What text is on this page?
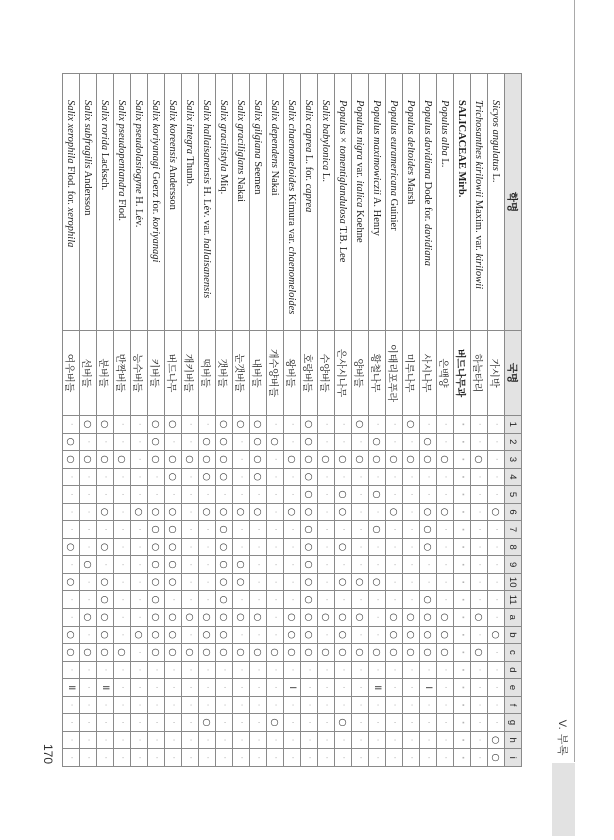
V. 부록
170
학명	국명	1	2	3	4	5	6	7	8	9	10	11	a	b	c	d	e	f	g	h	i
Sicyos angulatus L.	가시박	·	·	·	·	·	○	·	·	·	·	·	·	○	·	·	·	·	·	○	○
Trichosanthes kirilowii Maxim. var. kirilowii	하늘타리	·	·	○	·	·	·	·	·	·	·	·	○	·	○	·	·	·	·	·	·
SALICACEAE Mirb.	버드나무과	·	·	·	·	·	·	·	·	·	·	·	·	·	·	·	·	·	·	·	·
Populus alba L.	은백양	·	·	○	·	·	○	·	·	·	·	·	○	○	○	·	·	·	·	·	·
Populus davidiana Dode for. davidiana	사시나무	·	○	○	·	·	○	○	○	·	·	○	○	○	○	·	I	·	·	·	·
Populus deltoides Marsh	미루나무	○	·	○	·	·	·	·	·	·	·	·	○	○	○	·	·	·	·	·	·
Populus euramericana Guinier	이태리포푸라	·	·	○	·	·	○	·	·	·	·	·	○	○	○	·	·	·	·	·	·
Populus maximowiczii A. Henry	황철나무	·	○	○	·	○	·	○	·	·	○	·	·	·	○	·	II	·	·	·	·
Populus nigra var. italica Koehne	양버들	○	·	○	·	·	·	·	·	·	○	·	○	·	○	·	·	·	·	·	·
Populus × tomentiglandulosa T.B. Lee	은사시나무	·	·	○	·	○	○	·	○	·	○	·	○	○	○	·	·	·	○	·	·
Salix babylonica L.	수양버들	·	·	○	·	·	·	·	·	·	·	·	○	·	○	·	·	·	·	·	·
Salix caprea L. for. caprea	호랑버들	○	○	○	○	○	○	○	○	○	○	○	○	○	○	·	·	·	·	·	·
Salix chaenomeloides Kimura var. chaenomeloides	왕버들	·	·	○	·	·	○	·	·	·	·	·	○	○	○	·	I	·	·	·	·
Salix dependens Nakai	개수양버들	·	○	·	·	·	·	·	·	·	·	·	·	·	○	·	·	·	○	·	·
Salix gilgiana Seemen	내버들	○	○	○	○	·	○	·	·	·	·	·	○	·	○	·	·	·	·	·	·
Salix graciliglans Nakai	눈갯버들	○	·	·	·	·	○	·	·	○	○	·	○	·	○	·	·	·	·	·	·
Salix gracilistyla Miq.	갯버들	○	○	○	○	·	○	○	○	○	○	○	○	○	○	·	·	·	·	·	·
Salix hallaisanensis H. Lév. var. hallaisanensis	떡버들	·	○	○	○	·	○	·	·	·	·	·	○	○	○	·	·	·	○	·	·
Salix integra Thunb.	개키버들	·	·	○	·	·	·	·	·	·	·	·	○	·	○	·	·	·	·	·	·
Salix koreensis Andersson	버드나무	○	·	○	○	·	○	○	○	○	○	·	○	○	○	·	·	·	·	·	·
Salix koriyanagi Goerz for. koriyanagi	키버들	○	○	○	·	·	○	○	○	○	○	○	○	○	○	·	·	·	·	·	·
Salix pseudolasiogyne H. Lév.	능수버들	·	·	·	·	·	○	·	·	·	·	·	·	○	·	·	·	·	·	·	·
Salix pseudopentandra Flod.	반짝버들	·	·	○	·	·	·	·	·	·	·	·	·	·	○	·	·	·	·	·	·
Salix rorida Lacksch.	분버들	○	·	○	·	·	○	·	○	·	○	○	○	○	○	·	II	·	·	·	·
Salix subfragilis Andersson	선버들	○	·	○	·	·	·	·	·	○	·	·	○	·	○	·	·	·	·	·	·
Salix xerophila Flod. for. xerophila	여우버들	·	○	○	·	·	·	·	○	·	○	·	·	○	○	·	II	·	·	·	·
